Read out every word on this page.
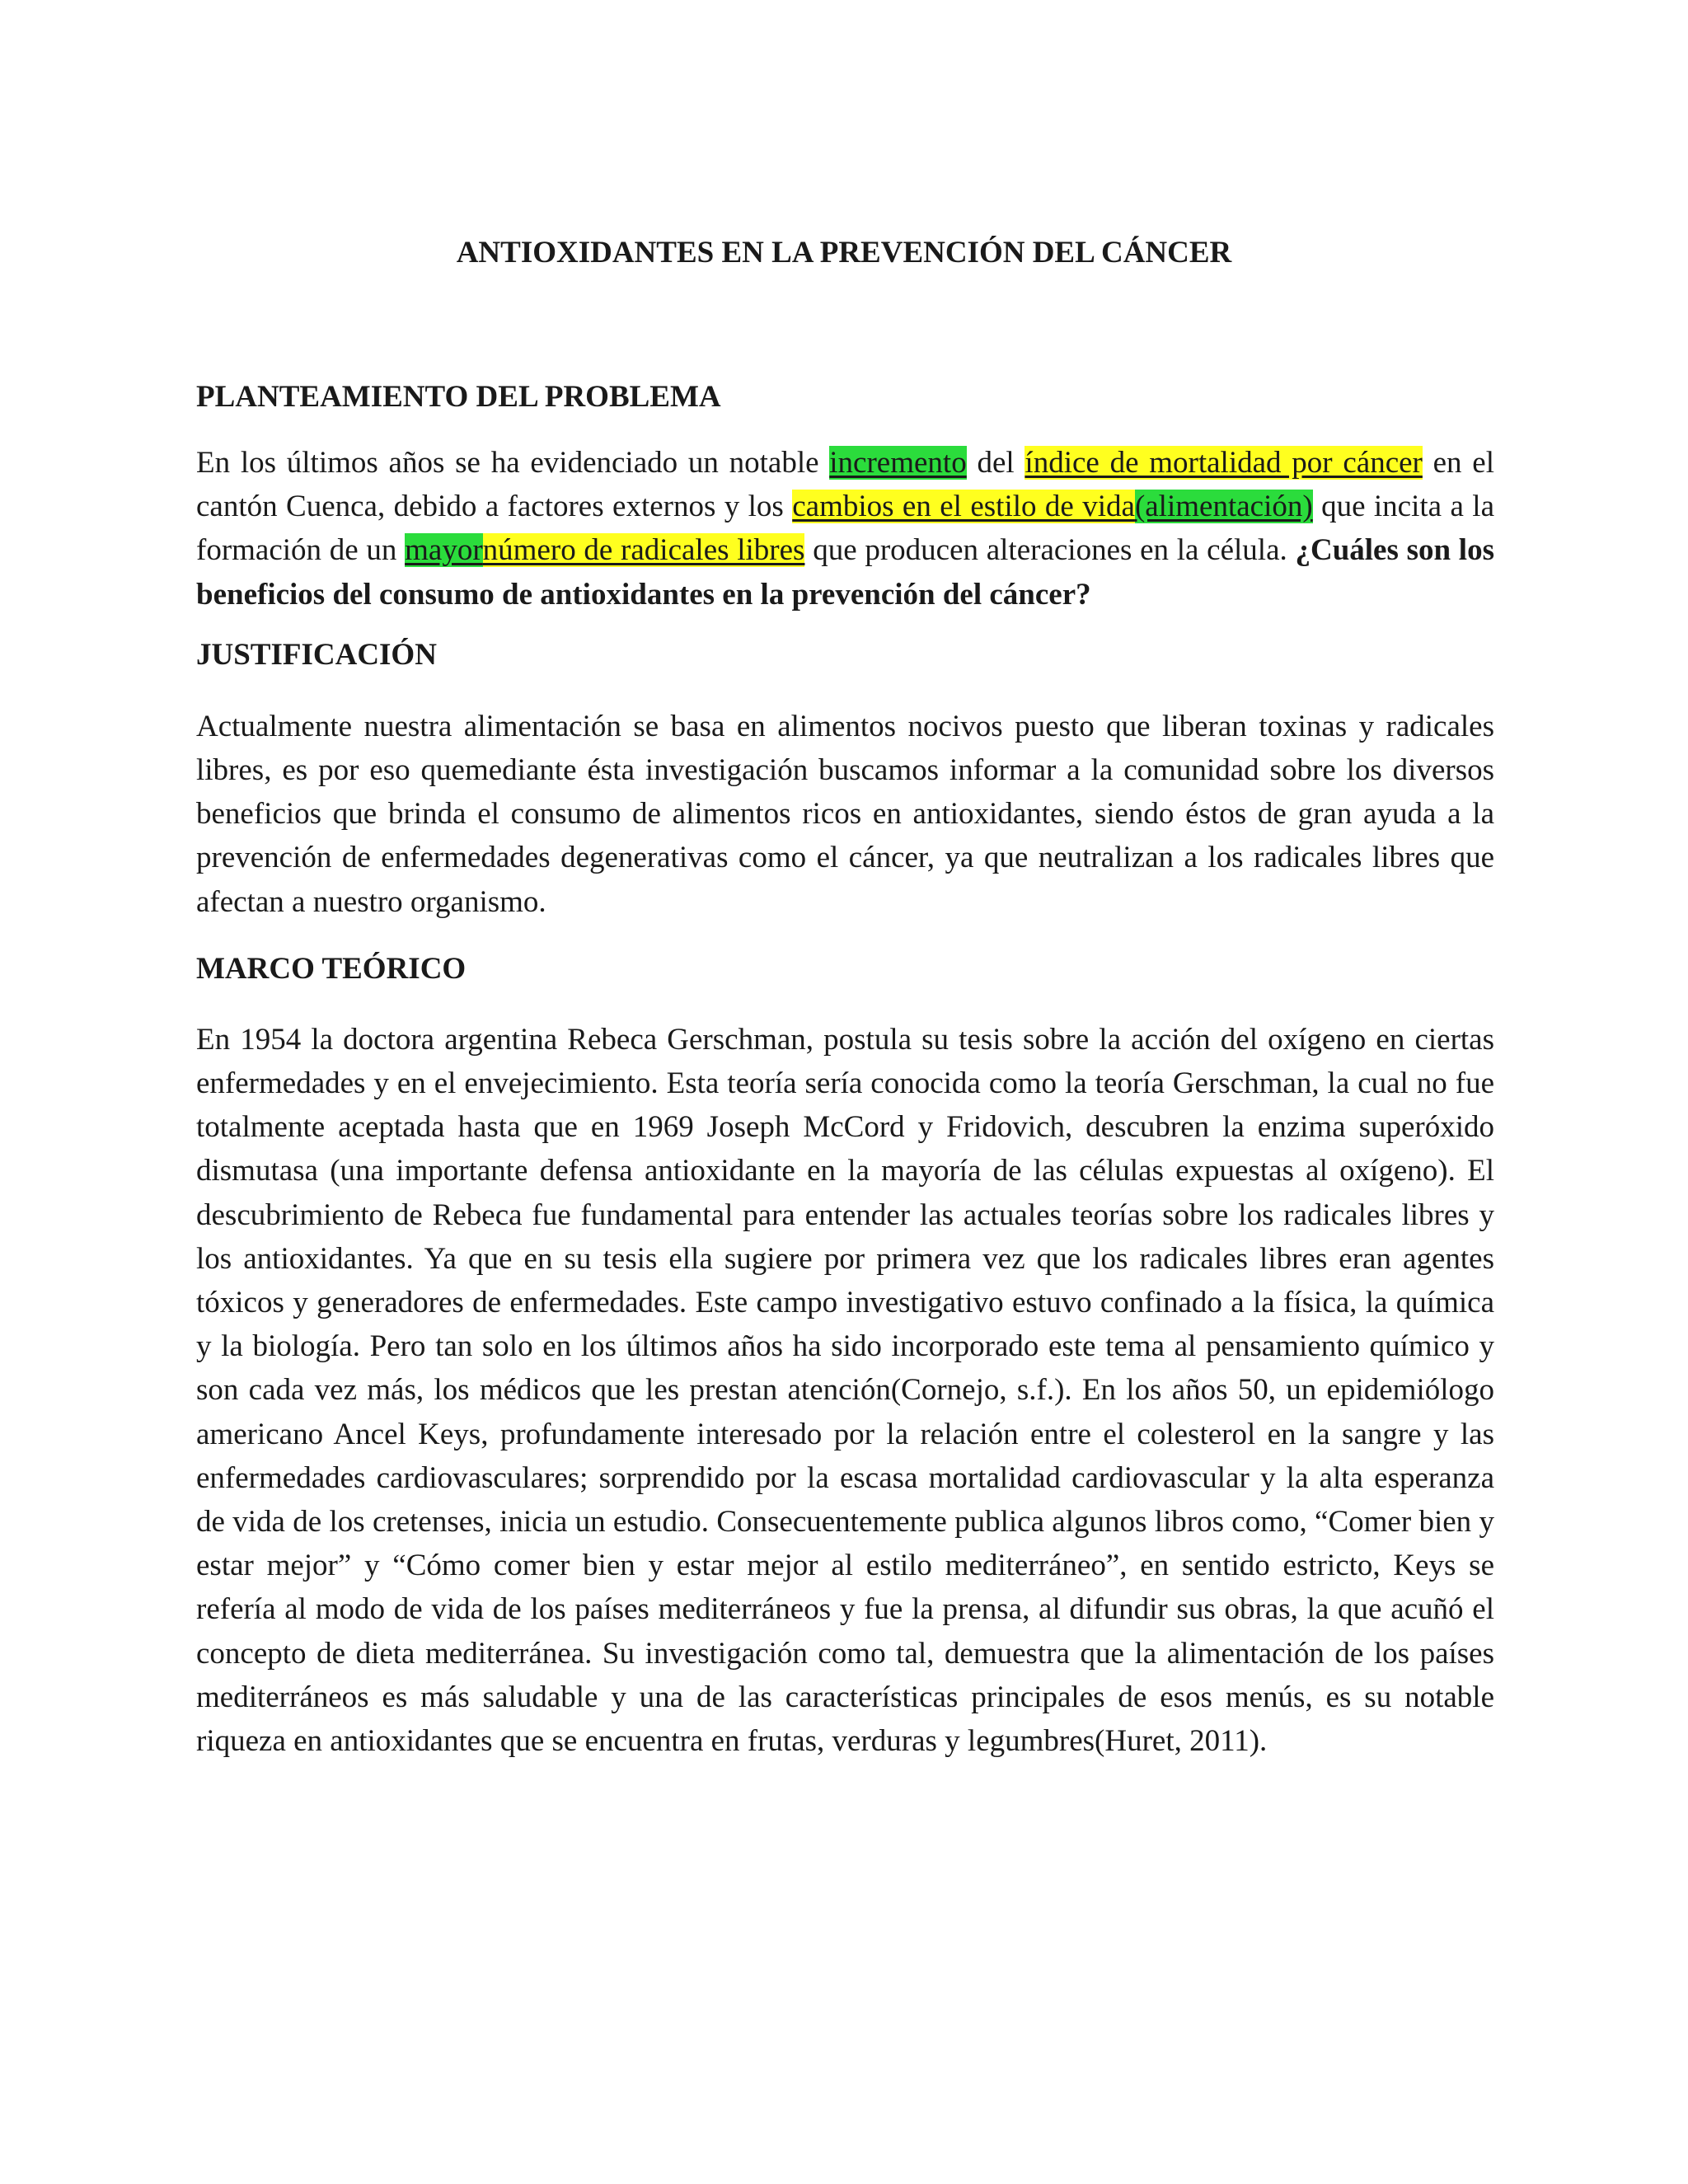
ANTIOXIDANTES EN LA PREVENCIÓN DEL CÁNCER
PLANTEAMIENTO DEL PROBLEMA

En los últimos años se ha evidenciado un notable incremento del índice de mortalidad por cáncer en el cantón Cuenca, debido a factores externos y los cambios en el estilo de vida(alimentación) que incita a la formación de un mayornúmero de radicales libres que producen alteraciones en la célula. ¿Cuáles son los beneficios del consumo de antioxidantes en la prevención del cáncer?

JUSTIFICACIÓN

Actualmente nuestra alimentación se basa en alimentos nocivos puesto que liberan toxinas y radicales libres, es por eso quemediante ésta investigación buscamos informar a la comunidad sobre los diversos beneficios que brinda el consumo de alimentos ricos en antioxidantes, siendo éstos de gran ayuda a la prevención de enfermedades degenerativas como el cáncer, ya que neutralizan a los radicales libres que afectan a nuestro organismo.

MARCO TEÓRICO

En 1954 la doctora argentina Rebeca Gerschman, postula su tesis sobre la acción del oxígeno en ciertas enfermedades y en el envejecimiento. Esta teoría sería conocida como la teoría Gerschman, la cual no fue totalmente aceptada hasta que en 1969 Joseph McCord y Fridovich, descubren la enzima superóxido dismutasa (una importante defensa antioxidante en la mayoría de las células expuestas al oxígeno). El descubrimiento de Rebeca fue fundamental para entender las actuales teorías sobre los radicales libres y los antioxidantes. Ya que en su tesis ella sugiere por primera vez que los radicales libres eran agentes tóxicos y generadores de enfermedades. Este campo investigativo estuvo confinado a la física, la química y la biología. Pero tan solo en los últimos años ha sido incorporado este tema al pensamiento químico y son cada vez más, los médicos que les prestan atención(Cornejo, s.f.). En los años 50, un epidemiólogo americano Ancel Keys, profundamente interesado por la relación entre el colesterol en la sangre y las enfermedades cardiovasculares; sorprendido por la escasa mortalidad cardiovascular y la alta esperanza de vida de los cretenses, inicia un estudio. Consecuentemente publica algunos libros como, “Comer bien y estar mejor” y “Cómo comer bien y estar mejor al estilo mediterráneo”, en sentido estricto, Keys se refería al modo de vida de los países mediterráneos y fue la prensa, al difundir sus obras, la que acuñó el concepto de dieta mediterránea. Su investigación como tal, demuestra que la alimentación de los países mediterráneos es más saludable y una de las características principales de esos menús, es su notable riqueza en antioxidantes que se encuentra en frutas, verduras y legumbres(Huret, 2011).
